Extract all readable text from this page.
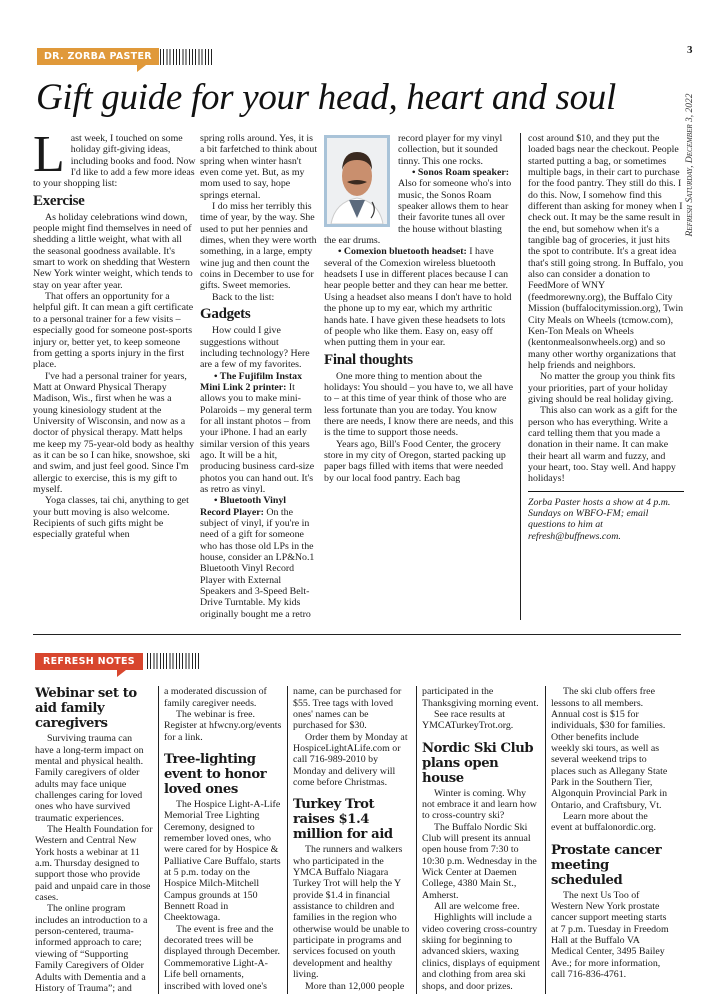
DR. ZORBA PASTER
3
Refresh Saturday, December 3, 2022
Gift guide for your head, heart and soul

Last week, I touched on some holiday gift-giving ideas, including books and food. Now I'd like to add a few more ideas to your shopping list:

Exercise

As holiday celebrations wind down, people might find themselves in need of shedding a little weight, what with all the seasonal goodness available. It's smart to work on shedding that Western New York winter weight, which tends to stay on year after year.

That offers an opportunity for a helpful gift. It can mean a gift certificate to a personal trainer for a few visits – especially good for someone post-sports injury or, better yet, to keep someone from getting a sports injury in the first place.

I've had a personal trainer for years, Matt at Onward Physical Therapy Madison, Wis., first when he was a young kinesiology student at the University of Wisconsin, and now as a doctor of physical therapy. Matt helps me keep my 75-year-old body as healthy as it can be so I can hike, snowshoe, ski and swim, and just feel good. Since I'm allergic to exercise, this is my gift to myself.

Yoga classes, tai chi, anything to get your butt moving is also welcome. Recipients of such gifts might be especially grateful when

spring rolls around. Yes, it is a bit farfetched to think about spring when winter hasn't even come yet. But, as my mom used to say, hope springs eternal.

I do miss her terribly this time of year, by the way. She used to put her pennies and dimes, when they were worth something, in a large, empty wine jug and then count the coins in December to use for gifts. Sweet memories.

Back to the list:

Gadgets

How could I give suggestions without including technology? Here are a few of my favorites.

• The Fujifilm Instax Mini Link 2 printer: It allows you to make mini-Polaroids – my general term for all instant photos – from your iPhone. I had an early similar version of this years ago. It will be a hit, producing business card-size photos you can hand out. It's as retro as vinyl.

• Bluetooth Vinyl Record Player: On the subject of vinyl, if you're in need of a gift for someone who has those old LPs in the house, consider an LP&No.1 Bluetooth Vinyl Record Player with External Speakers and 3-Speed Belt-Drive Turntable. My kids originally bought me a retro

record player for my vinyl collection, but it sounded tinny. This one rocks.

• Sonos Roam speaker: Also for someone who's into music, the Sonos Roam speaker allows them to hear their favorite tunes all over the house without blasting the ear drums.

• Comexion bluetooth headset: I have several of the Comexion wireless bluetooth headsets I use in different places because I can hear people better and they can hear me better. Using a headset also means I don't have to hold the phone up to my ear, which my arthritic hands hate. I have given these headsets to lots of people who like them. Easy on, easy off when putting them in your ear.

Final thoughts

One more thing to mention about the holidays: You should – you have to, we all have to – at this time of year think of those who are less fortunate than you are today. You know there are needs, I know there are needs, and this is the time to support those needs.

Years ago, Bill's Food Center, the grocery store in my city of Oregon, started packing up paper bags filled with items that were needed by our local food pantry. Each bag

cost around $10, and they put the loaded bags near the checkout. People started putting a bag, or sometimes multiple bags, in their cart to purchase for the food pantry. They still do this. I do this. Now, I somehow find this different than asking for money when I check out. It may be the same result in the end, but somehow when it's a tangible bag of groceries, it just hits the spot to contribute. It's a great idea that's still going strong. In Buffalo, you also can consider a donation to FeedMore of WNY (feedmorewny.org), the Buffalo City Mission (buffalocitymission.org), Twin City Meals on Wheels (tcmow.com), Ken-Ton Meals on Wheels (kentonmealsonwheels.org) and so many other worthy organizations that help friends and neighbors.

No matter the group you think fits your priorities, part of your holiday giving should be real holiday giving.

This also can work as a gift for the person who has everything. Write a card telling them that you made a donation in their name. It can make their heart all warm and fuzzy, and your heart, too. Stay well. And happy holidays!

Zorba Paster hosts a show at 4 p.m. Sundays on WBFO-FM; email questions to him at refresh@buffnews.com.

REFRESH NOTES
Webinar set to aid family caregivers

Surviving trauma can have a long-term impact on mental and physical health. Family caregivers of older adults may face unique challenges caring for loved ones who have survived traumatic experiences.

The Health Foundation for Western and Central New York hosts a webinar at 11 a.m. Thursday designed to support those who provide paid and unpaid care in those cases.

The online program includes an introduction to a person-centered, trauma-informed approach to care; viewing of “Supporting Family Caregivers of Older Adults with Dementia and a History of Trauma”; and

a moderated discussion of family caregiver needs.

The webinar is free. Register at hfwcny.org/events for a link.

Tree-lighting event to honor loved ones

The Hospice Light-A-Life Memorial Tree Lighting Ceremony, designed to remember loved ones, who were cared for by Hospice & Palliative Care Buffalo, starts at 5 p.m. today on the Hospice Milch-Mitchell Campus grounds at 150 Bennett Road in Cheektowaga.

The event is free and the decorated trees will be displayed through December. Commemorative Light-A-Life bell ornaments, inscribed with loved one's

name, can be purchased for $55. Tree tags with loved ones' names can be purchased for $30.

Order them by Monday at HospiceLightALife.com or call 716-989-2010 by Monday and delivery will come before Christmas.

Turkey Trot raises $1.4 million for aid

The runners and walkers who participated in the YMCA Buffalo Niagara Turkey Trot will help the Y provide $1.4 in financial assistance to children and families in the region who otherwise would be unable to participate in programs and services focused on youth development and healthy living.

More than 12,000 people

participated in the Thanksgiving morning event.

See race results at YMCATurkeyTrot.org.

Nordic Ski Club plans open house

Winter is coming. Why not embrace it and learn how to cross-country ski?

The Buffalo Nordic Ski Club will present its annual open house from 7:30 to 10:30 p.m. Wednesday in the Wick Center at Daemen College, 4380 Main St., Amherst.

All are welcome free.

Highlights will include a video covering cross-country skiing for beginning to advanced skiers, waxing clinics, displays of equipment and clothing from area ski shops, and door prizes.

The ski club offers free lessons to all members. Annual cost is $15 for individuals, $30 for families. Other benefits include weekly ski tours, as well as several weekend trips to places such as Allegany State Park in the Southern Tier, Algonquin Provincial Park in Ontario, and Craftsbury, Vt.

Learn more about the event at buffalonordic.org.

Prostate cancer meeting scheduled

The next Us Too of Western New York prostate cancer support meeting starts at 7 p.m. Tuesday in Freedom Hall at the Buffalo VA Medical Center, 3495 Bailey Ave.; for more information, call 716-836-4761.
